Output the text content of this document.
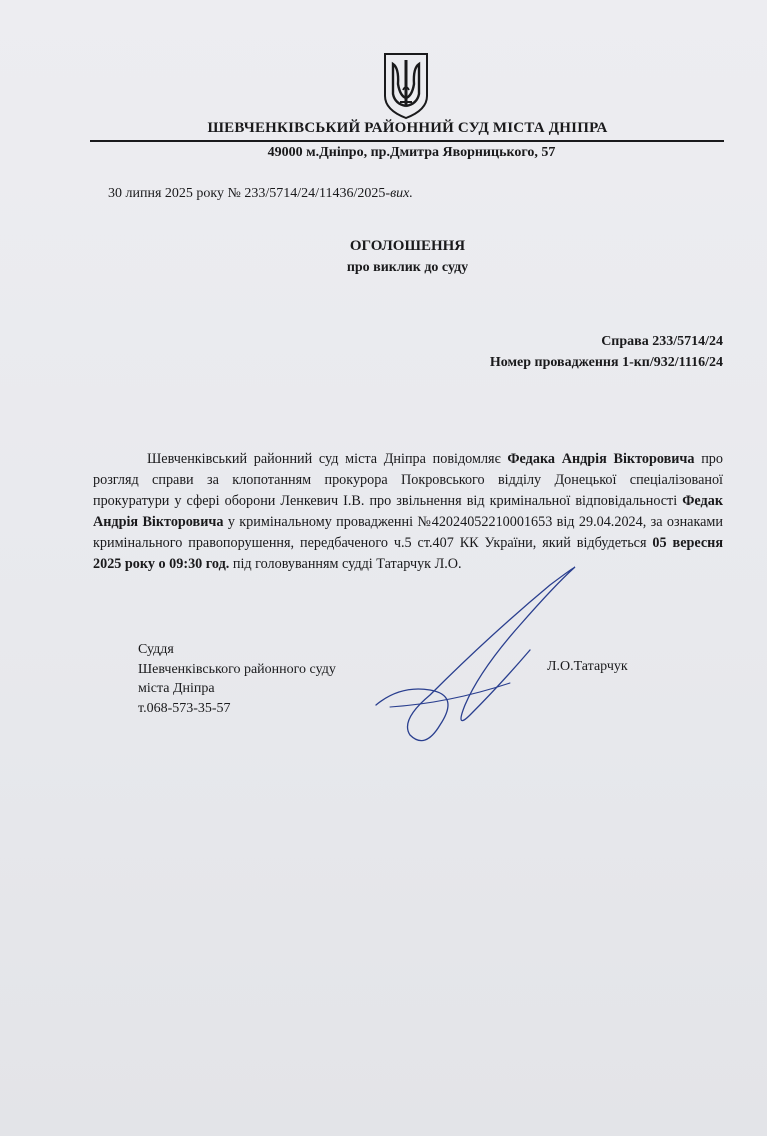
ШЕВЧЕНКІВСЬКИЙ РАЙОННИЙ СУД МІСТА ДНІПРА
49000 м.Дніпро, пр.Дмитра Яворницького, 57
30 липня 2025 року № 233/5714/24/11436/2025-вих.
ОГОЛОШЕННЯ
про виклик до суду
Справа 233/5714/24
Номер провадження 1-кп/932/1116/24
Шевченківський районний суд міста Дніпра повідомляє Федака Андрія Вікторовича про розгляд справи за клопотанням прокурора Покровського відділу Донецької спеціалізованої прокуратури у сфері оборони Ленкевич І.В. про звільнення від кримінальної відповідальності Федак Андрія Вікторовича у кримінальному провадженні №42024052210001653 від 29.04.2024, за ознаками кримінального правопорушення, передбаченого ч.5 ст.407 КК України, який відбудеться 05 вересня 2025 року о 09:30 год. під головуванням судді Татарчук Л.О.
Суддя
Шевченківського районного суду
міста Дніпра
т.068-573-35-57
Л.О.Татарчук
